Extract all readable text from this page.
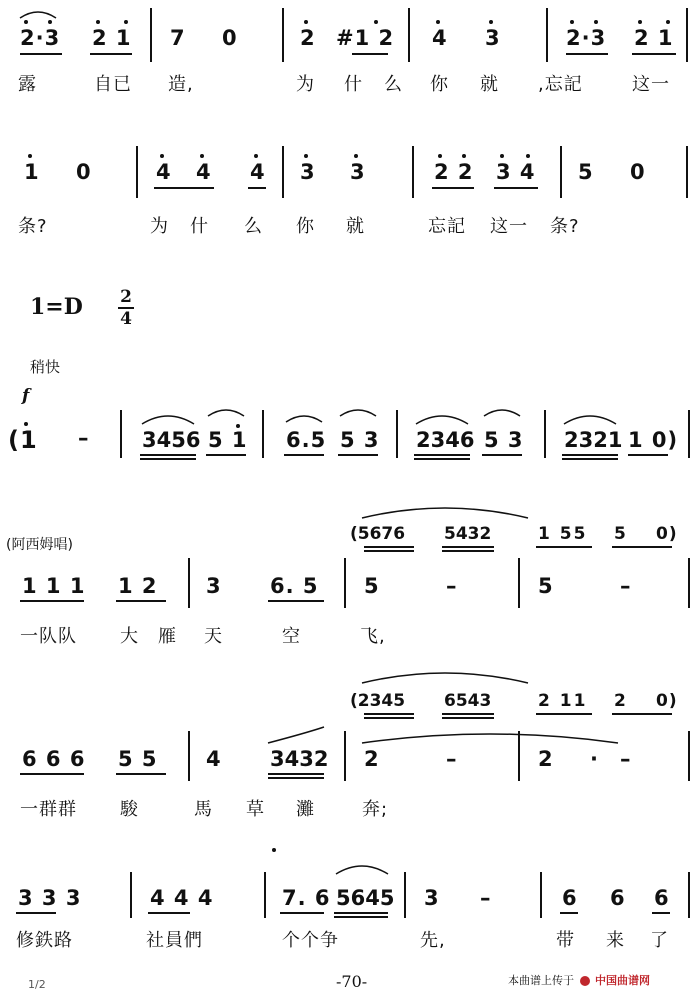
2·3 2 1 7 0	2 #1 2 4 3	2·3 2 1
露	自已 造,	为 什 么 你 就 ,忘記	这一
1 0	4 4 4 3 3	2 2 3 4 5 0
条?	为 什 么 你 就	忘記 这一 条?
1=D 2
4
稍快
f
(1 –	3456 5 1 6.5 5 3 2346 5 3 2321 1 0)
(阿西姆唱)
(5676 5432	1 55 5 0)
1 1 1 1 2 3 6. 5 5	–	5	–
一队队 大 雁 天	空	飞,
(2345 6543	2 11 2 0)
6 6 6 5 5 4 3432 2	–	2 · –
一群群 駿	馬 草 灘	奔;
3 3 3	4 4 4	7. 6 5645 3 –	6 6 6
修鉄路	社員們	个个争	先,	带 来 了
1/2	-70-	本曲谱上传于 中国曲谱网
